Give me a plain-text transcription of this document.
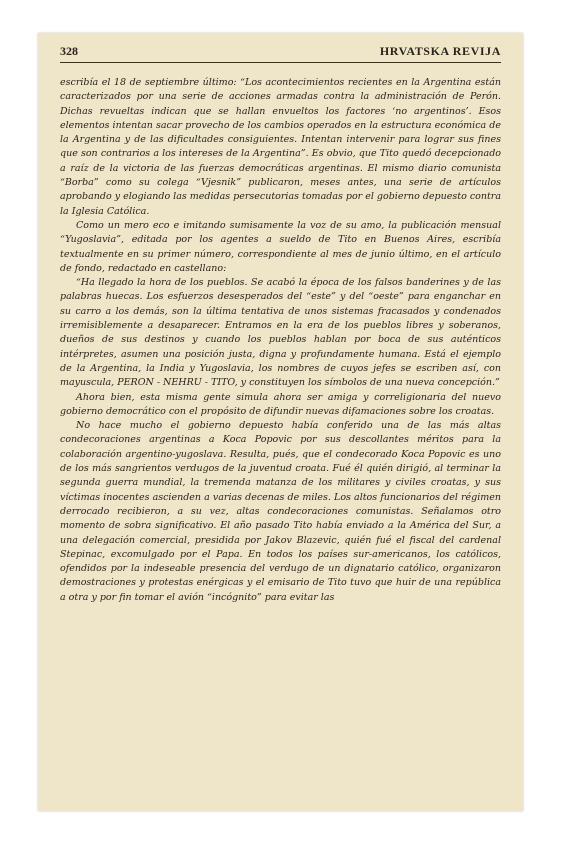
328	HRVATSKA REVIJA

escribía el 18 de septiembre último: “Los acontecimientos recientes en la Argentina están caracterizados por una serie de acciones armadas contra la administración de Perón. Dichas revueltas indican que se hallan envueltos los factores ‘no argentinos’. Esos elementos intentan sacar provecho de los cambios operados en la estructura económica de la Argentina y de las dificultades consiguientes. Intentan intervenir para lograr sus fines que son contrarios a los intereses de la Argentina”. Es obvio, que Tito quedó decepcionado a raíz de la victoria de las fuerzas democráticas argentinas. El mismo diario comunista “Borba” como su colega “Vjesnik” publicaron, meses antes, una serie de artículos aprobando y elogiando las medidas persecutorias tomadas por el gobierno depuesto contra la Iglesia Católica.

Como un mero eco e imitando sumisamente la voz de su amo, la publicación mensual “Yugoslavia”, editada por los agentes a sueldo de Tito en Buenos Aires, escribía textualmente en su primer número, correspondiente al mes de junio último, en el artículo de fondo, redactado en castellano:

“Ha llegado la hora de los pueblos. Se acabó la época de los falsos banderines y de las palabras huecas. Los esfuerzos desesperados del “este” y del “oeste” para enganchar en su carro a los demás, son la última tentativa de unos sistemas fracasados y condenados irremisiblemente a desaparecer. Entramos en la era de los pueblos libres y soberanos, dueños de sus destinos y cuando los pueblos hablan por boca de sus auténticos intérpretes, asumen una posición justa, digna y profundamente humana. Está el ejemplo de la Argentina, la India y Yugoslavia, los nombres de cuyos jefes se escriben así, con mayuscula, PERON - NEHRU - TITO, y constituyen los símbolos de una nueva concepción.”

Ahora bien, esta misma gente simula ahora ser amiga y correligionaria del nuevo gobierno democrático con el propósito de difundir nuevas difamaciones sobre los croatas.

No hace mucho el gobierno depuesto había conferido una de las más altas condecoraciones argentinas a Koca Popovic por sus descollantes méritos para la colaboración argentino-yugoslava. Resulta, pués, que el condecorado Koca Popovic es uno de los más sangrientos verdugos de la juventud croata. Fué él quién dirigió, al terminar la segunda guerra mundial, la tremenda matanza de los militares y civiles croatas, y sus víctimas inocentes ascienden a varias decenas de miles. Los altos funcionarios del régimen derrocado recibieron, a su vez, altas condecoraciones comunistas. Señalamos otro momento de sobra significativo. El año pasado Tito había enviado a la América del Sur, a una delegación comercial, presidida por Jakov Blazevic, quién fué el fiscal del cardenal Stepinac, excomulgado por el Papa. En todos los países sur-americanos, los católicos, ofendidos por la indeseable presencia del verdugo de un dignatario católico, organizaron demostraciones y protestas enérgicas y el emisario de Tito tuvo que huir de una república a otra y por fin tomar el avión “incógnito” para evitar las
